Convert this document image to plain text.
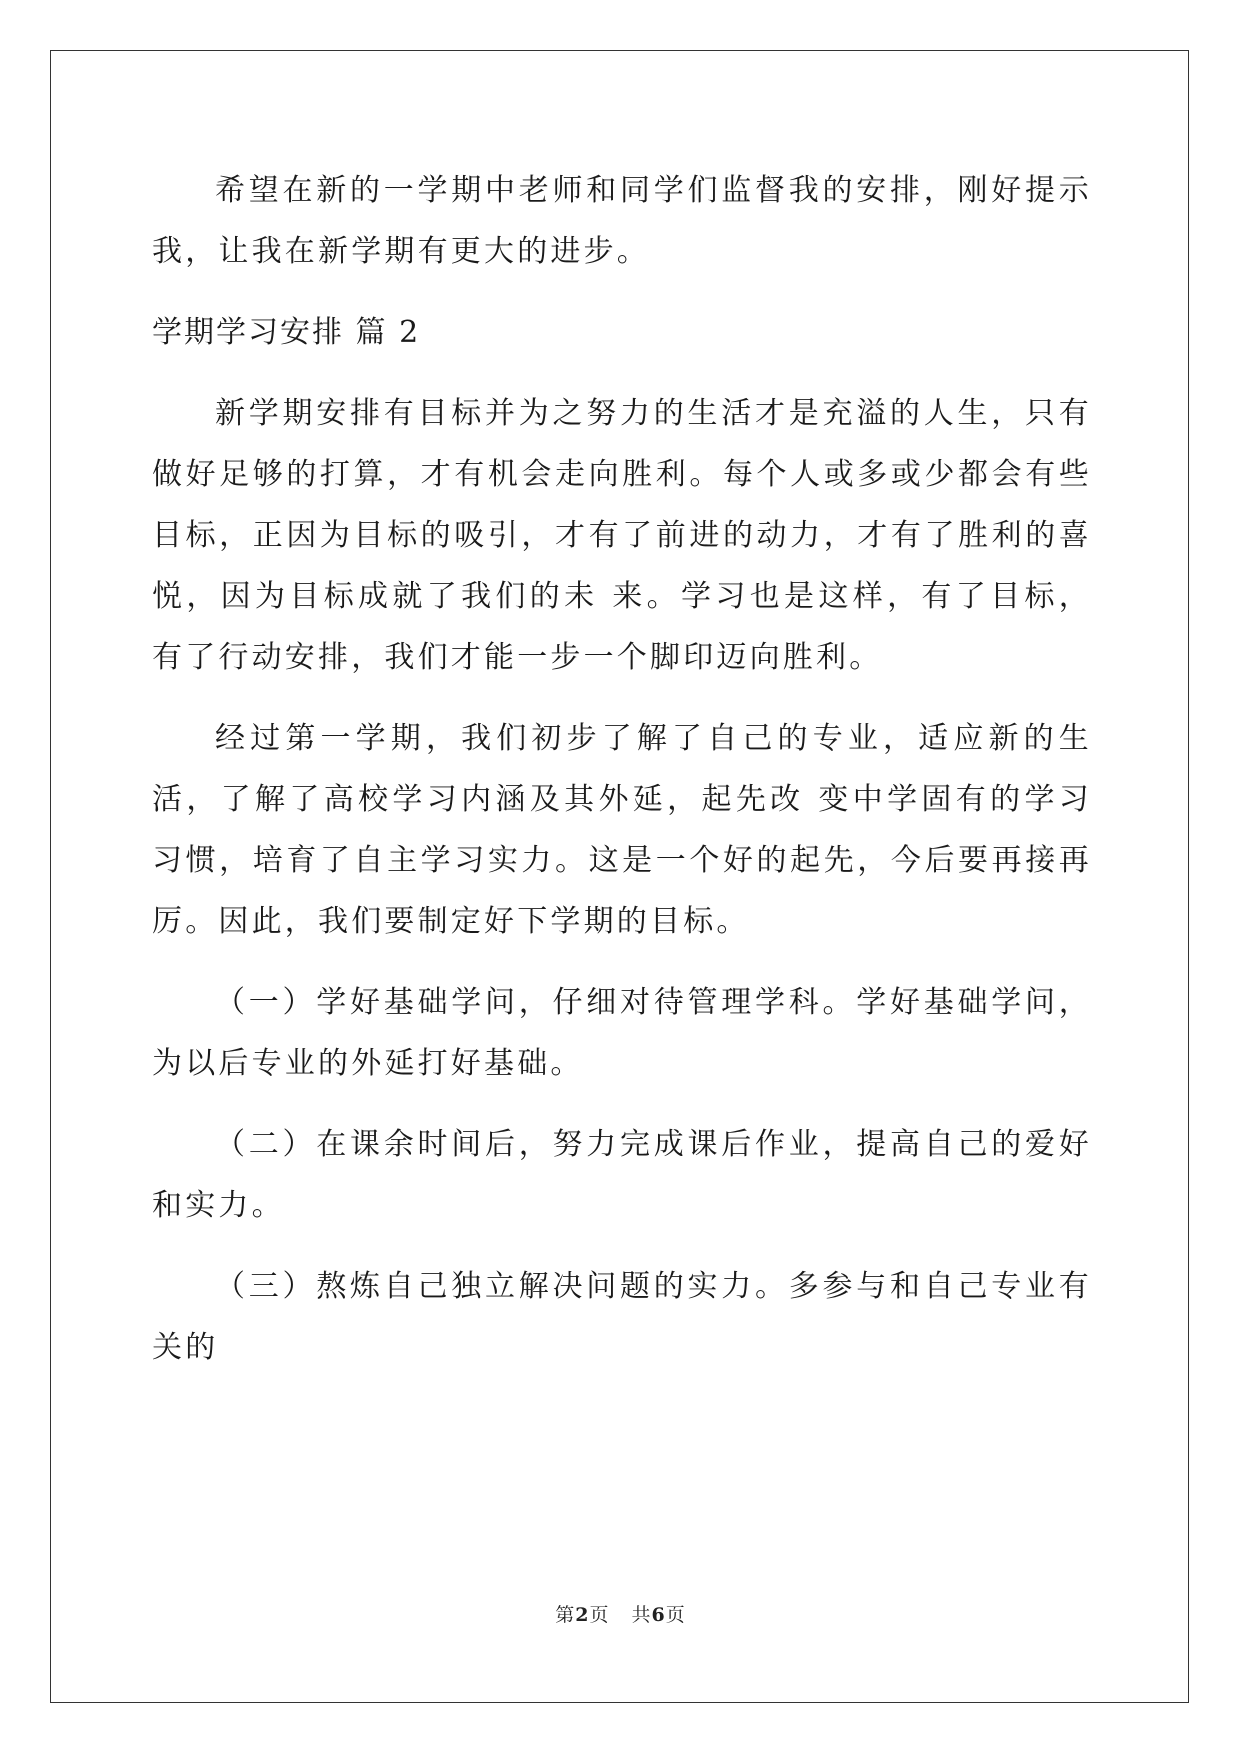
希望在新的一学期中老师和同学们监督我的安排，刚好提示我，让我在新学期有更大的进步。

学期学习安排 篇 2

新学期安排有目标并为之努力的生活才是充溢的人生，只有做好足够的打算，才有机会走向胜利。每个人或多或少都会有些目标，正因为目标的吸引，才有了前进的动力，才有了胜利的喜悦，因为目标成就了我们的未 来。学习也是这样，有了目标，有了行动安排，我们才能一步一个脚印迈向胜利。

经过第一学期，我们初步了解了自己的专业，适应新的生活，了解了高校学习内涵及其外延，起先改 变中学固有的学习习惯，培育了自主学习实力。这是一个好的起先，今后要再接再厉。因此，我们要制定好下学期的目标。

（一）学好基础学问，仔细对待管理学科。学好基础学问，为以后专业的外延打好基础。

（二）在课余时间后，努力完成课后作业，提高自己的爱好和实力。

（三）熬炼自己独立解决问题的实力。多参与和自己专业有关的

第2页 共6页
